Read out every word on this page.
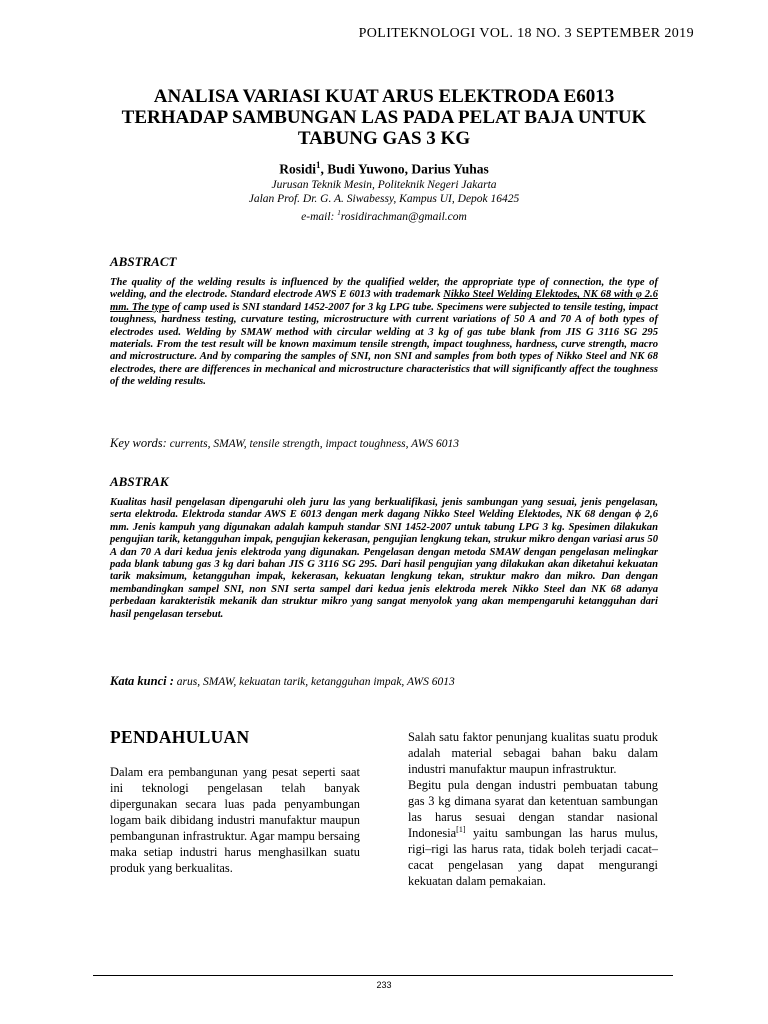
POLITEKNOLOGI VOL. 18 NO. 3 SEPTEMBER 2019
ANALISA VARIASI KUAT ARUS ELEKTRODA E6013
TERHADAP SAMBUNGAN LAS PADA PELAT BAJA UNTUK
TABUNG GAS 3 KG
Rosidi$^1$, Budi Yuwono, Darius Yuhas
Jurusan Teknik Mesin, Politeknik Negeri Jakarta
Jalan Prof. Dr. G. A. Siwabessy, Kampus UI, Depok 16425
e-mail: $^1$rosidirachman@gmail.com
ABSTRACT
The quality of the welding results is influenced by the qualified welder, the appropriate type of connection, the type of welding, and the electrode. Standard electrode AWS E 6013 with trademark Nikko Steel Welding Elektodes, NK 68 with φ 2.6 mm. The type of camp used is SNI standard 1452-2007 for 3 kg LPG tube. Specimens were subjected to tensile testing, impact toughness, hardness testing, curvature testing, microstructure with current variations of 50 A and 70 A of both types of electrodes used. Welding by SMAW method with circular welding at 3 kg of gas tube blank from JIS G 3116 SG 295 materials. From the test result will be known maximum tensile strength, impact toughness, hardness, curve strength, macro and microstructure. And by comparing the samples of SNI, non SNI and samples from both types of Nikko Steel and NK 68 electrodes, there are differences in mechanical and microstructure characteristics that will significantly affect the toughness of the welding results.
Key words: currents, SMAW, tensile strength, impact toughness, AWS 6013
ABSTRAK
Kualitas hasil pengelasan dipengaruhi oleh juru las yang berkualifikasi, jenis sambungan yang sesuai, jenis pengelasan, serta elektroda. Elektroda standar AWS E 6013 dengan merk dagang Nikko Steel Welding Elektodes, NK 68 dengan ϕ 2,6 mm. Jenis kampuh yang digunakan adalah kampuh standar SNI 1452-2007 untuk tabung LPG 3 kg. Spesimen dilakukan pengujian tarik, ketangguhan impak, pengujian kekerasan, pengujian lengkung tekan, strukur mikro dengan variasi arus 50 A dan 70 A dari kedua jenis elektroda yang digunakan. Pengelasan dengan metoda SMAW dengan pengelasan melingkar pada blank tabung gas 3 kg dari bahan JIS G 3116 SG 295. Dari hasil pengujian yang dilakukan akan diketahui kekuatan tarik maksimum, ketangguhan impak, kekerasan, kekuatan lengkung tekan, struktur makro dan mikro. Dan dengan membandingkan sampel SNI, non SNI serta sampel dari kedua jenis elektroda merek Nikko Steel dan NK 68 adanya perbedaan karakteristik mekanik dan struktur mikro yang sangat menyolok yang akan mempengaruhi ketangguhan dari hasil pengelasan tersebut.
Kata kunci : arus, SMAW, kekuatan tarik, ketangguhan impak, AWS 6013
PENDAHULUAN

Dalam era pembangunan yang pesat seperti saat ini teknologi pengelasan telah banyak dipergunakan secara luas pada penyambungan logam baik dibidang industri manufaktur maupun pembangunan infrastruktur. Agar mampu bersaing maka setiap industri harus menghasilkan suatu produk yang berkualitas.

Salah satu faktor penunjang kualitas suatu produk adalah material sebagai bahan baku dalam industri manufaktur maupun infrastruktur.

Begitu pula dengan industri pembuatan tabung gas 3 kg dimana syarat dan ketentuan sambungan las harus sesuai dengan standar nasional Indonesia[1] yaitu sambungan las harus mulus, rigi–rigi las harus rata, tidak boleh terjadi cacat–cacat pengelasan yang dapat mengurangi kekuatan dalam pemakaian.

233
